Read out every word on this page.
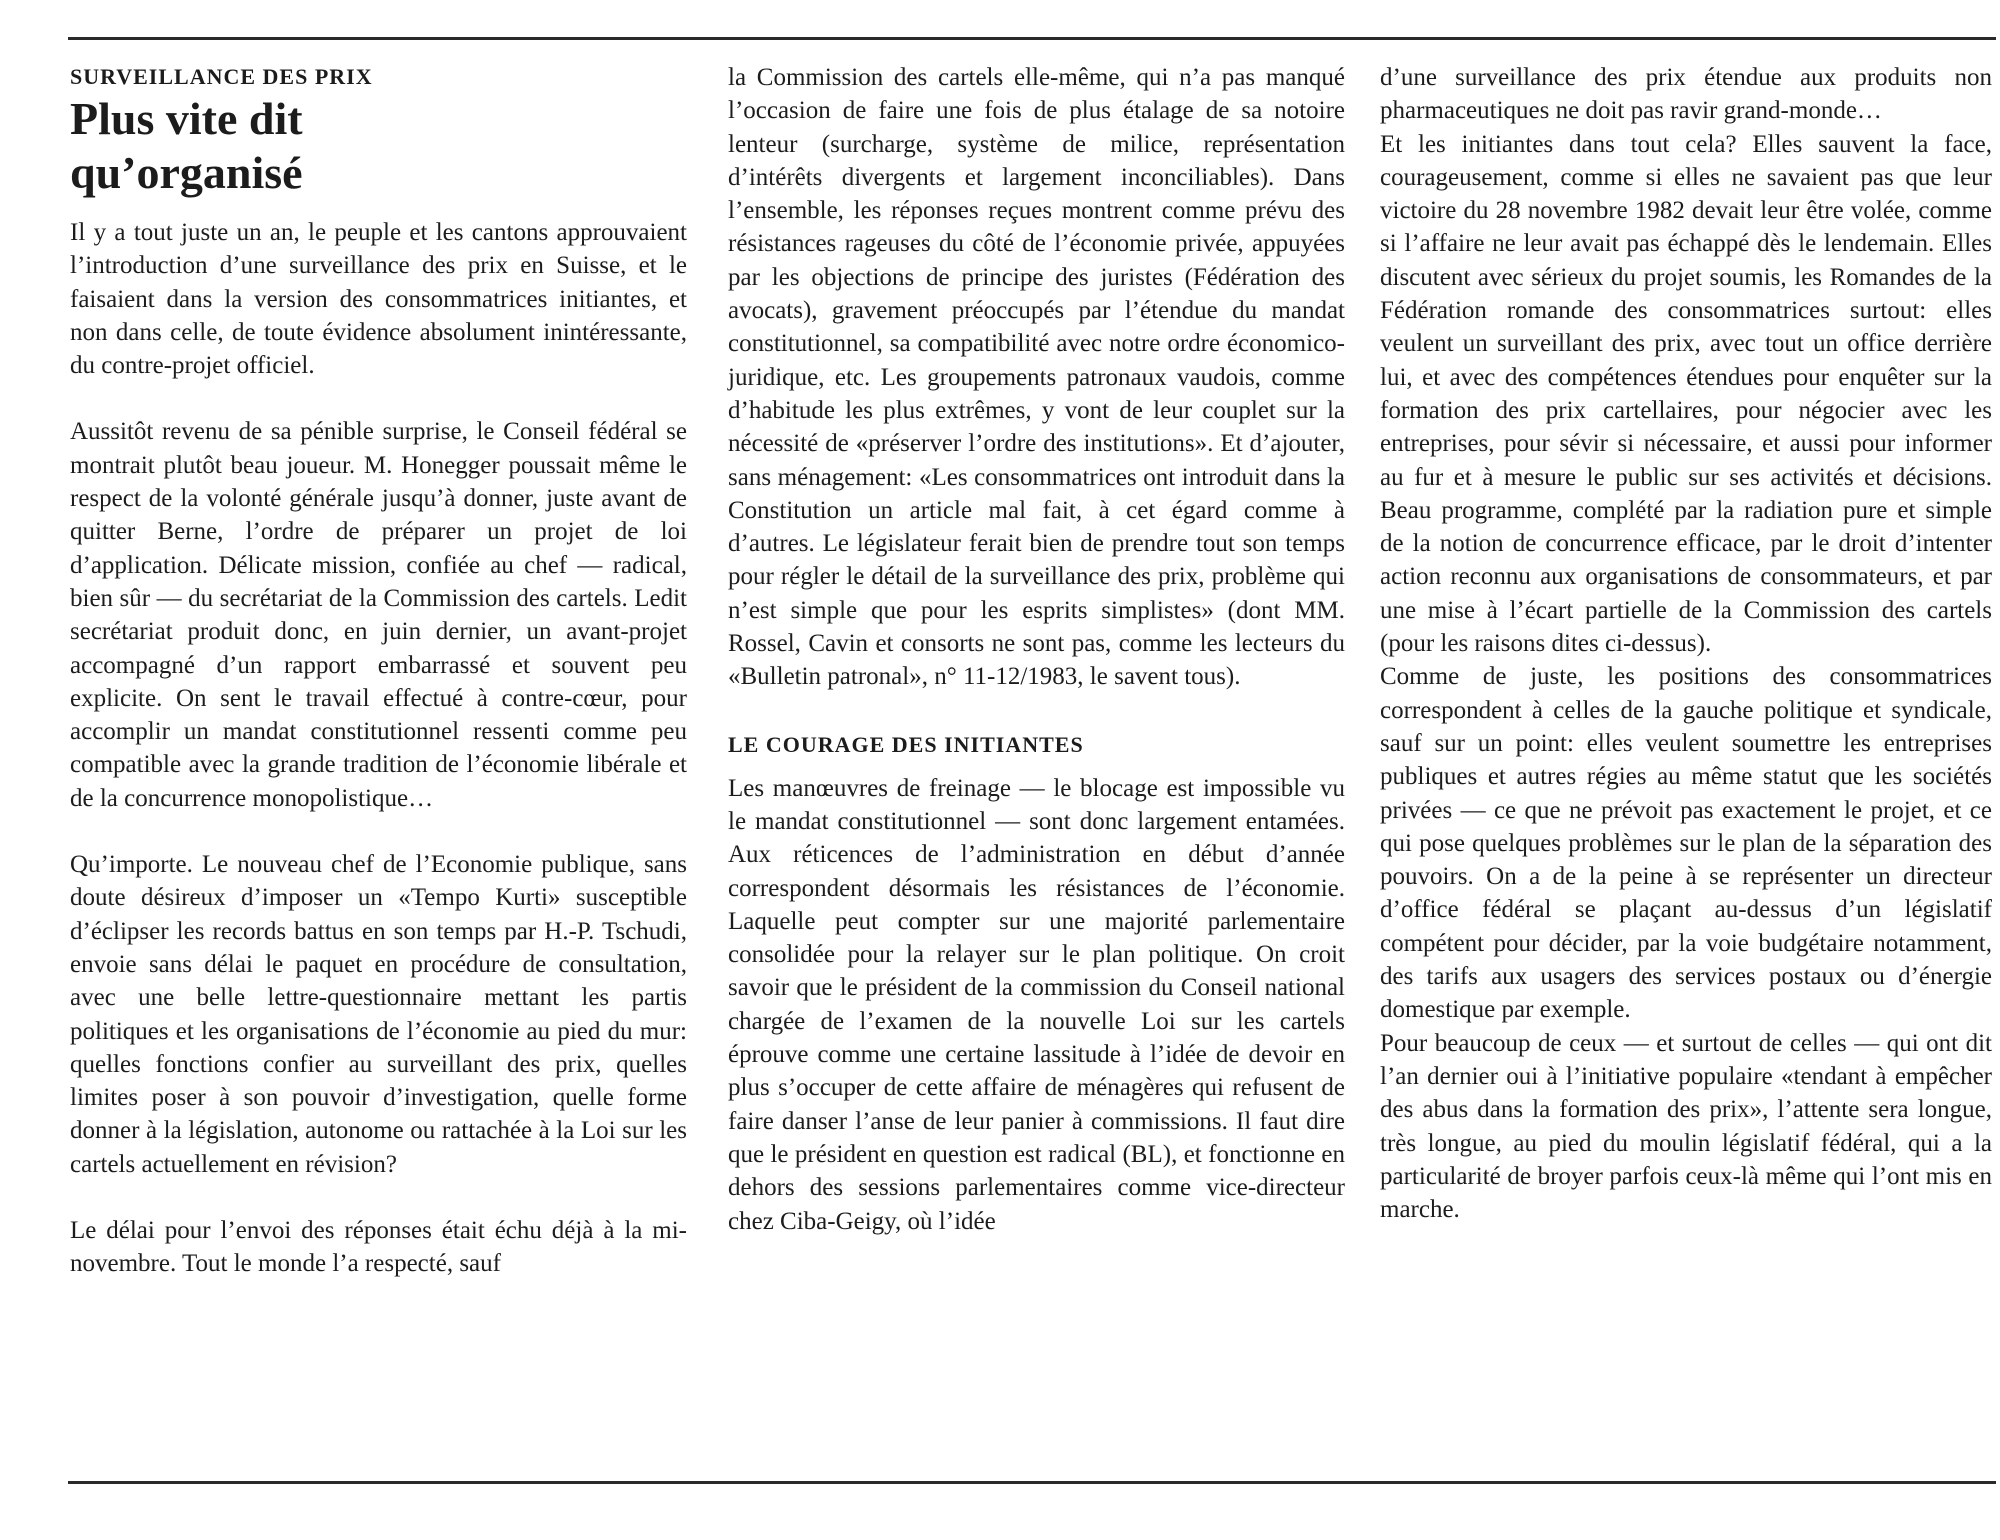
SURVEILLANCE DES PRIX

Plus vite dit
qu’organisé

Il y a tout juste un an, le peuple et les cantons approuvaient l’introduction d’une surveillance des prix en Suisse, et le faisaient dans la version des consommatrices initiantes, et non dans celle, de toute évidence absolument inintéressante, du contre-projet officiel.

Aussitôt revenu de sa pénible surprise, le Conseil fédéral se montrait plutôt beau joueur. M. Honegger poussait même le respect de la volonté générale jusqu’à donner, juste avant de quitter Berne, l’ordre de préparer un projet de loi d’application. Délicate mission, confiée au chef — radical, bien sûr — du secrétariat de la Commission des cartels. Ledit secrétariat produit donc, en juin dernier, un avant-projet accompagné d’un rapport embarrassé et souvent peu explicite. On sent le travail effectué à contre-cœur, pour accomplir un mandat constitutionnel ressenti comme peu compatible avec la grande tradition de l’économie libérale et de la concurrence monopolistique…

Qu’importe. Le nouveau chef de l’Economie publique, sans doute désireux d’imposer un «Tempo Kurti» susceptible d’éclipser les records battus en son temps par H.-P. Tschudi, envoie sans délai le paquet en procédure de consultation, avec une belle lettre-questionnaire mettant les partis politiques et les organisations de l’économie au pied du mur: quelles fonctions confier au surveillant des prix, quelles limites poser à son pouvoir d’investigation, quelle forme donner à la législation, autonome ou rattachée à la Loi sur les cartels actuellement en révision?

Le délai pour l’envoi des réponses était échu déjà à la mi-novembre. Tout le monde l’a respecté, sauf

la Commission des cartels elle-même, qui n’a pas manqué l’occasion de faire une fois de plus étalage de sa notoire lenteur (surcharge, système de milice, représentation d’intérêts divergents et largement inconciliables). Dans l’ensemble, les réponses reçues montrent comme prévu des résistances rageuses du côté de l’économie privée, appuyées par les objections de principe des juristes (Fédération des avocats), gravement préoccupés par l’étendue du mandat constitutionnel, sa compatibilité avec notre ordre économico-juridique, etc. Les groupements patronaux vaudois, comme d’habitude les plus extrêmes, y vont de leur couplet sur la nécessité de «préserver l’ordre des institutions». Et d’ajouter, sans ménagement: «Les consommatrices ont introduit dans la Constitution un article mal fait, à cet égard comme à d’autres. Le législateur ferait bien de prendre tout son temps pour régler le détail de la surveillance des prix, problème qui n’est simple que pour les esprits simplistes» (dont MM. Rossel, Cavin et consorts ne sont pas, comme les lecteurs du «Bulletin patronal», n° 11-12/1983, le savent tous).

LE COURAGE DES INITIANTES

Les manœuvres de freinage — le blocage est impossible vu le mandat constitutionnel — sont donc largement entamées. Aux réticences de l’administration en début d’année correspondent désormais les résistances de l’économie. Laquelle peut compter sur une majorité parlementaire consolidée pour la relayer sur le plan politique. On croit savoir que le président de la commission du Conseil national chargée de l’examen de la nouvelle Loi sur les cartels éprouve comme une certaine lassitude à l’idée de devoir en plus s’occuper de cette affaire de ménagères qui refusent de faire danser l’anse de leur panier à commissions. Il faut dire que le président en question est radical (BL), et fonctionne en dehors des sessions parlementaires comme vice-directeur chez Ciba-Geigy, où l’idée

d’une surveillance des prix étendue aux produits non pharmaceutiques ne doit pas ravir grand-monde…

Et les initiantes dans tout cela? Elles sauvent la face, courageusement, comme si elles ne savaient pas que leur victoire du 28 novembre 1982 devait leur être volée, comme si l’affaire ne leur avait pas échappé dès le lendemain. Elles discutent avec sérieux du projet soumis, les Romandes de la Fédération romande des consommatrices surtout: elles veulent un surveillant des prix, avec tout un office derrière lui, et avec des compétences étendues pour enquêter sur la formation des prix cartellaires, pour négocier avec les entreprises, pour sévir si nécessaire, et aussi pour informer au fur et à mesure le public sur ses activités et décisions. Beau programme, complété par la radiation pure et simple de la notion de concurrence efficace, par le droit d’intenter action reconnu aux organisations de consommateurs, et par une mise à l’écart partielle de la Commission des cartels (pour les raisons dites ci-dessus).

Comme de juste, les positions des consommatrices correspondent à celles de la gauche politique et syndicale, sauf sur un point: elles veulent soumettre les entreprises publiques et autres régies au même statut que les sociétés privées — ce que ne prévoit pas exactement le projet, et ce qui pose quelques problèmes sur le plan de la séparation des pouvoirs. On a de la peine à se représenter un directeur d’office fédéral se plaçant au-dessus d’un législatif compétent pour décider, par la voie budgétaire notamment, des tarifs aux usagers des services postaux ou d’énergie domestique par exemple.

Pour beaucoup de ceux — et surtout de celles — qui ont dit l’an dernier oui à l’initiative populaire «tendant à empêcher des abus dans la formation des prix», l’attente sera longue, très longue, au pied du moulin législatif fédéral, qui a la particularité de broyer parfois ceux-là même qui l’ont mis en marche.
